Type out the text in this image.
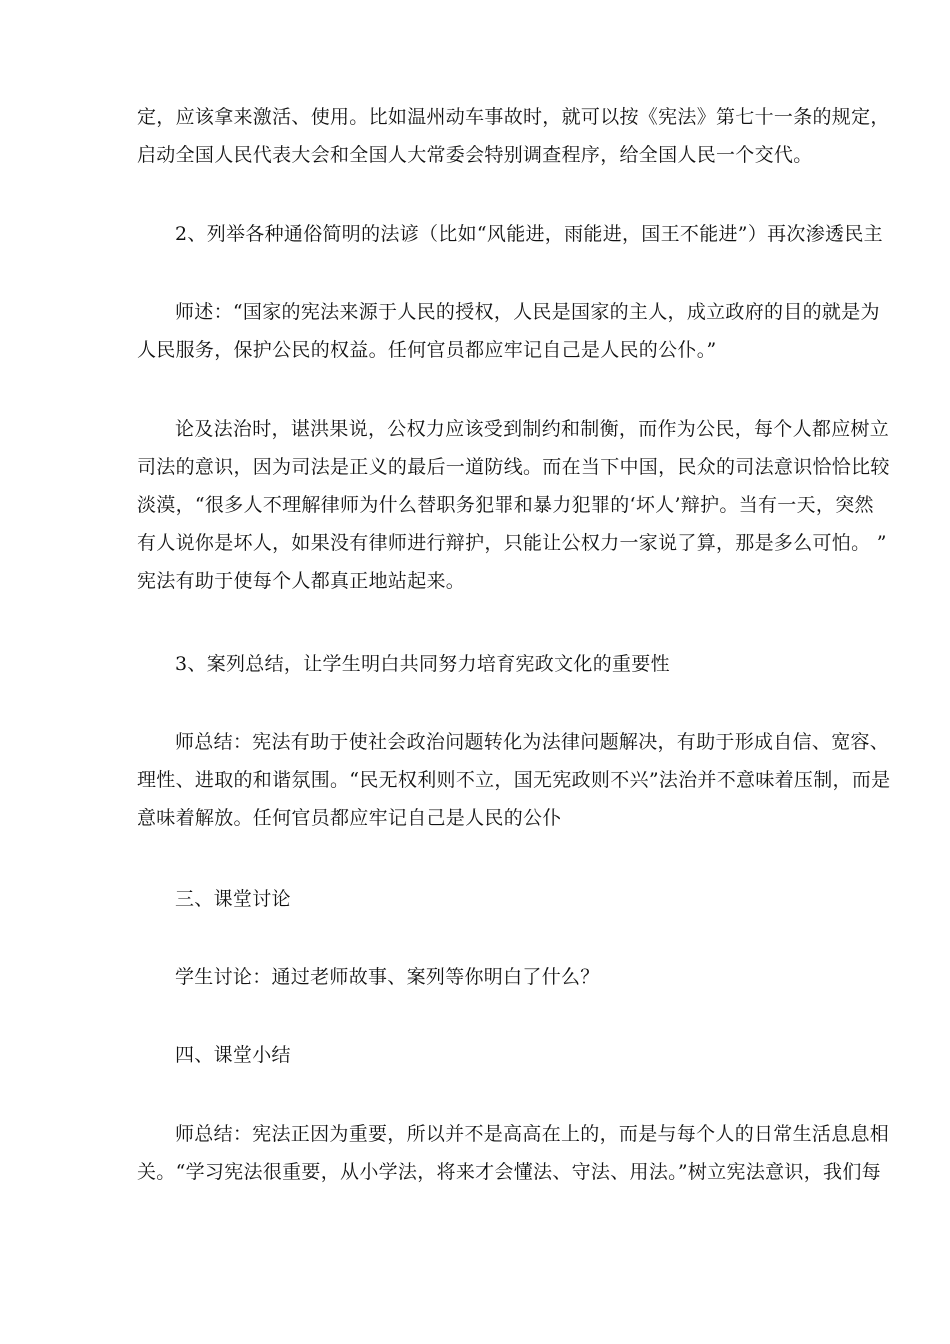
定，应该拿来激活、使用。比如温州动车事故时，就可以按《宪法》第七十一条的规定，
启动全国人民代表大会和全国人大常委会特别调查程序，给全国人民一个交代。
2、列举各种通俗简明的法谚（比如“风能进，雨能进，国王不能进”）再次渗透民主
师述：“国家的宪法来源于人民的授权，人民是国家的主人，成立政府的目的就是为
人民服务，保护公民的权益。任何官员都应牢记自己是人民的公仆。”
论及法治时，谌洪果说，公权力应该受到制约和制衡，而作为公民，每个人都应树立
司法的意识，因为司法是正义的最后一道防线。而在当下中国，民众的司法意识恰恰比较
淡漠，“很多人不理解律师为什么替职务犯罪和暴力犯罪的‘坏人’辩护。当有一天，突然
有人说你是坏人，如果没有律师进行辩护，只能让公权力一家说了算，那是多么可怕。 ”
宪法有助于使每个人都真正地站起来。
3、案列总结，让学生明白共同努力培育宪政文化的重要性
师总结：宪法有助于使社会政治问题转化为法律问题解决，有助于形成自信、宽容、
理性、进取的和谐氛围。“民无权利则不立，国无宪政则不兴”法治并不意味着压制，而是
意味着解放。任何官员都应牢记自己是人民的公仆
三、课堂讨论
学生讨论：通过老师故事、案列等你明白了什么？
四、课堂小结
师总结：宪法正因为重要，所以并不是高高在上的，而是与每个人的日常生活息息相
关。“学习宪法很重要，从小学法，将来才会懂法、守法、用法。”树立宪法意识，我们每
